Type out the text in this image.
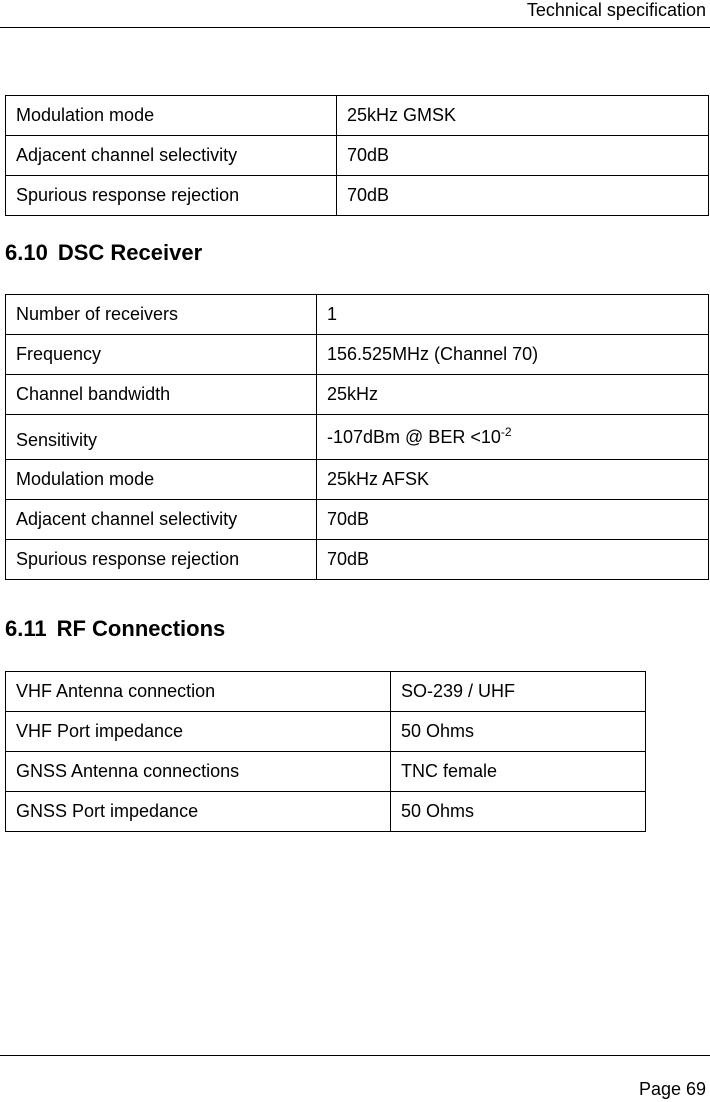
Technical specification
Modulation mode	25kHz GMSK
Adjacent channel selectivity	70dB
Spurious response rejection	70dB
6.10 DSC Receiver
Number of receivers	1
Frequency	156.525MHz (Channel 70)
Channel bandwidth	25kHz

Sensitivity	-107dBm @ BER $<10^{-2}$
Modulation mode	25kHz AFSK
Adjacent channel selectivity	70dB
Spurious response rejection	70dB
6.11 RF Connections
VHF Antenna connection	SO-239 / UHF
VHF Port impedance	50 Ohms
GNSS Antenna connections	TNC female
GNSS Port impedance	50 Ohms
Page 69
